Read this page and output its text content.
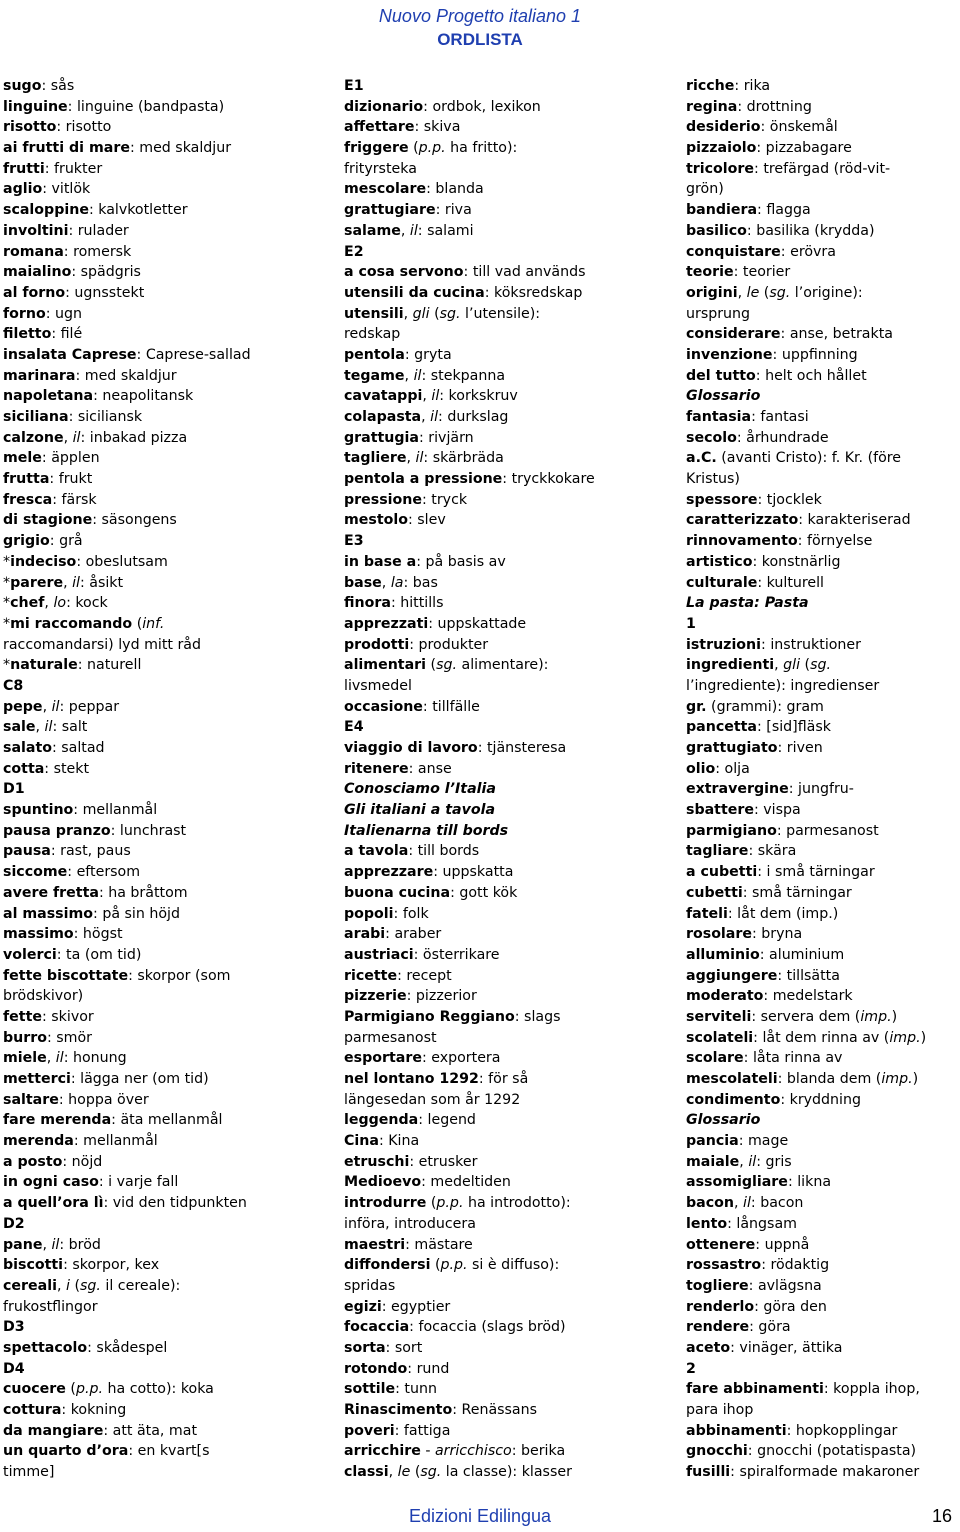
Nuovo Progetto italiano 1
ORDLISTA
sugo: sås
linguine: linguine (bandpasta)
risotto: risotto
ai frutti di mare: med skaldjur
frutti: frukter
aglio: vitlök
scaloppine: kalvkotletter
involtini: rulader
romana: romersk
maialino: spädgris
al forno: ugnsstekt
forno: ugn
filetto: filé
insalata Caprese: Caprese-sallad
marinara: med skaldjur
napoletana: neapolitansk
siciliana: siciliansk
calzone, il: inbakad pizza
mele: äpplen
frutta: frukt
fresca: färsk
di stagione: säsongens
grigio: grå
*indeciso: obeslutsam
*parere, il: åsikt
*chef, lo: kock
*mi raccomando (inf.
raccomandarsi) lyd mitt råd
*naturale: naturell
C8
pepe, il: peppar
sale, il: salt
salato: saltad
cotta: stekt
D1
spuntino: mellanmål
pausa pranzo: lunchrast
pausa: rast, paus
siccome: eftersom
avere fretta: ha bråttom
al massimo: på sin höjd
massimo: högst
volerci: ta (om tid)
fette biscottate: skorpor (som
brödskivor)
fette: skivor
burro: smör
miele, il: honung
metterci: lägga ner (om tid)
saltare: hoppa över
fare merenda: äta mellanmål
merenda: mellanmål
a posto: nöjd
in ogni caso: i varje fall
a quell’ora lì: vid den tidpunkten
D2
pane, il: bröd
biscotti: skorpor, kex
cereali, i (sg. il cereale):
frukostflingor
D3
spettacolo: skådespel
D4
cuocere (p.p. ha cotto): koka
cottura: kokning
da mangiare: att äta, mat
un quarto d’ora: en kvart[s
timme]
E1
dizionario: ordbok, lexikon
affettare: skiva
friggere (p.p. ha fritto):
frityrsteka
mescolare: blanda
grattugiare: riva
salame, il: salami
E2
a cosa servono: till vad används
utensili da cucina: köksredskap
utensili, gli (sg. l’utensile):
redskap
pentola: gryta
tegame, il: stekpanna
cavatappi, il: korkskruv
colapasta, il: durkslag
grattugia: rivjärn
tagliere, il: skärbräda
pentola a pressione: tryckkokare
pressione: tryck
mestolo: slev
E3
in base a: på basis av
base, la: bas
finora: hittills
apprezzati: uppskattade
prodotti: produkter
alimentari (sg. alimentare):
livsmedel
occasione: tillfälle
E4
viaggio di lavoro: tjänsteresa
ritenere: anse
Conosciamo l’Italia
Gli italiani a tavola
Italienarna till bords
a tavola: till bords
apprezzare: uppskatta
buona cucina: gott kök
popoli: folk
arabi: araber
austriaci: österrikare
ricette: recept
pizzerie: pizzerior
Parmigiano Reggiano: slags
parmesanost
esportare: exportera
nel lontano 1292: för så
längesedan som år 1292
leggenda: legend
Cina: Kina
etruschi: etrusker
Medioevo: medeltiden
introdurre (p.p. ha introdotto):
införa, introducera
maestri: mästare
diffondersi (p.p. si è diffuso):
spridas
egizi: egyptier
focaccia: focaccia (slags bröd)
sorta: sort
rotondo: rund
sottile: tunn
Rinascimento: Renässans
poveri: fattiga
arricchire - arricchisco: berika
classi, le (sg. la classe): klasser
ricche: rika
regina: drottning
desiderio: önskemål
pizzaiolo: pizzabagare
tricolore: trefärgad (röd-vit-
grön)
bandiera: flagga
basilico: basilika (krydda)
conquistare: erövra
teorie: teorier
origini, le (sg. l’origine):
ursprung
considerare: anse, betrakta
invenzione: uppfinning
del tutto: helt och hållet
Glossario
fantasia: fantasi
secolo: århundrade
a.C. (avanti Cristo): f. Kr. (före
Kristus)
spessore: tjocklek
caratterizzato: karakteriserad
rinnovamento: förnyelse
artistico: konstnärlig
culturale: kulturell
La pasta: Pasta
1
istruzioni: instruktioner
ingredienti, gli (sg.
l’ingrediente): ingredienser
gr. (grammi): gram
pancetta: [sid]fläsk
grattugiato: riven
olio: olja
extravergine: jungfru-
sbattere: vispa
parmigiano: parmesanost
tagliare: skära
a cubetti: i små tärningar
cubetti: små tärningar
fateli: låt dem (imp.)
rosolare: bryna
alluminio: aluminium
aggiungere: tillsätta
moderato: medelstark
serviteli: servera dem (imp.)
scolateli: låt dem rinna av (imp.)
scolare: låta rinna av
mescolateli: blanda dem (imp.)
condimento: kryddning
Glossario
pancia: mage
maiale, il: gris
assomigliare: likna
bacon, il: bacon
lento: långsam
ottenere: uppnå
rossastro: rödaktig
togliere: avlägsna
renderlo: göra den
rendere: göra
aceto: vinäger, ättika
2
fare abbinamenti: koppla ihop,
para ihop
abbinamenti: hopkopplingar
gnocchi: gnocchi (potatispasta)
fusilli: spiralformade makaroner
Edizioni Edilingua	16
